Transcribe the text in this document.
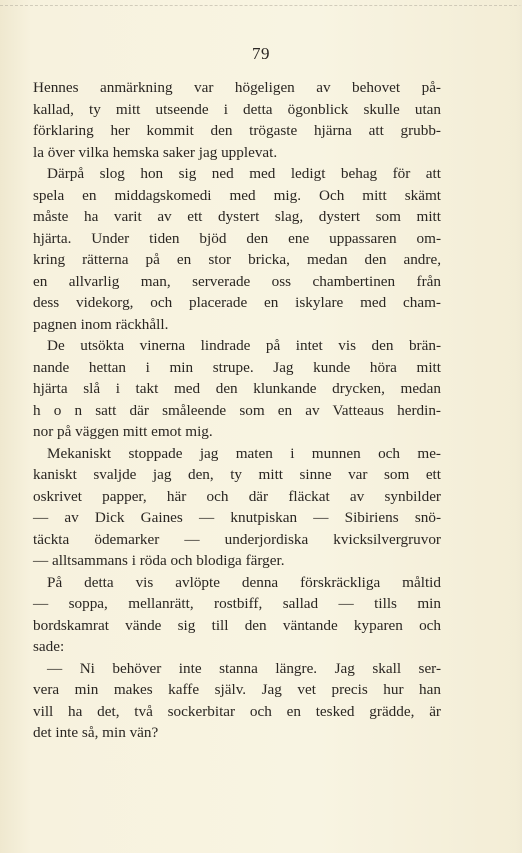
79
Hennes anmärkning var högeligen av behovet på-
kallad, ty mitt utseende i detta ögonblick skulle utan
förklaring her kommit den trögaste hjärna att grubb-
la över vilka hemska saker jag upplevat.
Därpå slog hon sig ned med ledigt behag för att
spela en middagskomedi med mig. Och mitt skämt
måste ha varit av ett dystert slag, dystert som mitt
hjärta. Under tiden bjöd den ene uppassaren om-
kring rätterna på en stor bricka, medan den andre,
en allvarlig man, serverade oss chambertinen från
dess videkorg, och placerade en iskylare med cham-
pagnen inom räckhåll.
De utsökta vinerna lindrade på intet vis den brän-
nande hettan i min strupe. Jag kunde höra mitt
hjärta slå i takt med den klunkande drycken, medan
h o n satt där småleende som en av Vatteaus herdin-
nor på väggen mitt emot mig.
Mekaniskt stoppade jag maten i munnen och me-
kaniskt svaljde jag den, ty mitt sinne var som ett
oskrivet papper, här och där fläckat av synbilder
— av Dick Gaines — knutpiskan — Sibiriens snö-
täckta ödemarker — underjordiska kvicksilvergruvor
— alltsammans i röda och blodiga färger.
På detta vis avlöpte denna förskräckliga måltid
— soppa, mellanrätt, rostbiff, sallad — tills min
bordskamrat vände sig till den väntande kyparen och
sade:
— Ni behöver inte stanna längre. Jag skall ser-
vera min makes kaffe själv. Jag vet precis hur han
vill ha det, två sockerbitar och en tesked grädde, är
det inte så, min vän?
